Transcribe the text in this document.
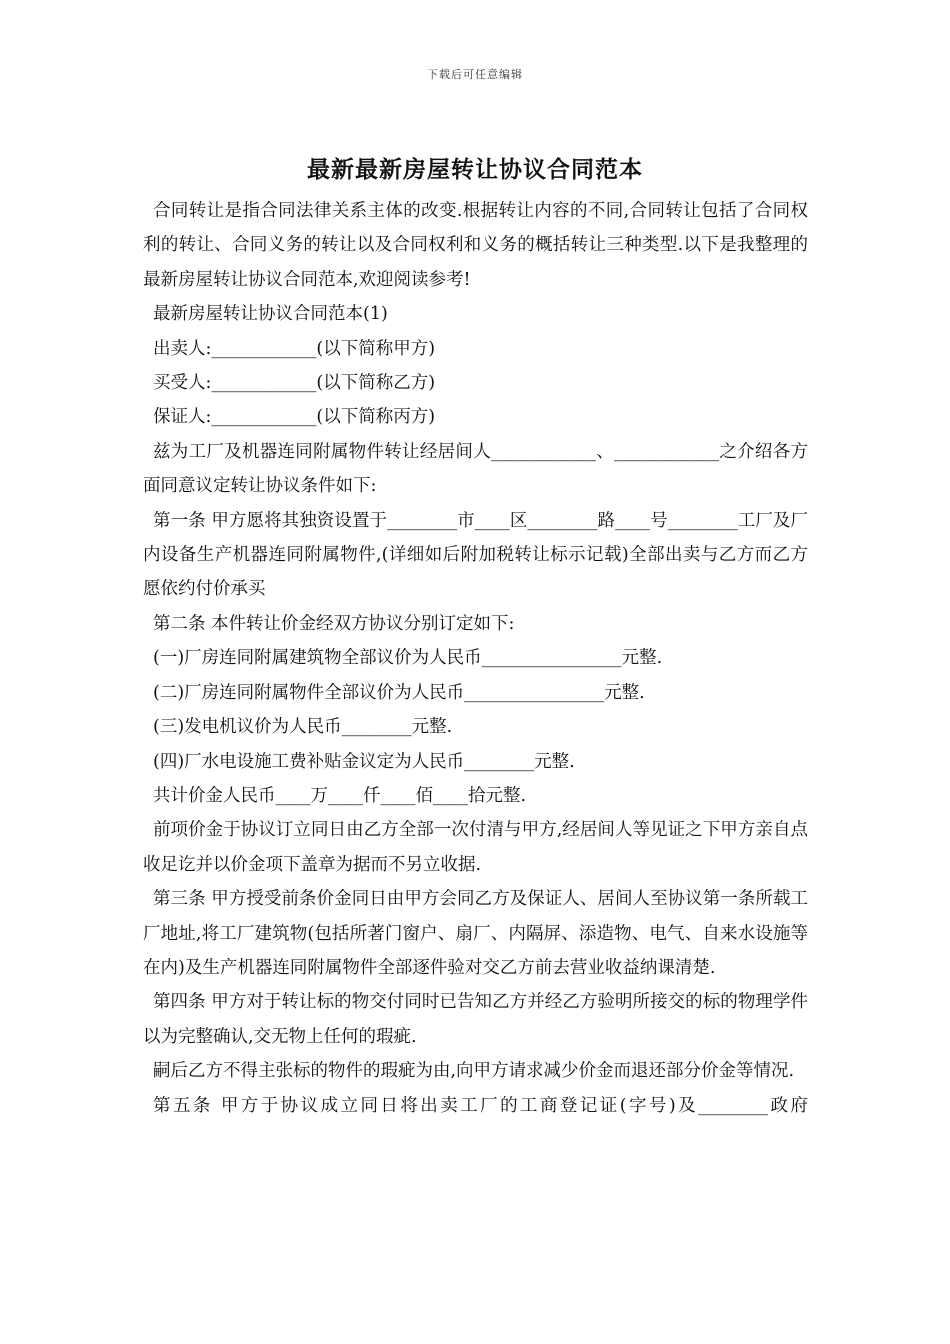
下载后可任意编辑
最新最新房屋转让协议合同范本

合同转让是指合同法律关系主体的改变.根据转让内容的不同,合同转让包括了合同权利的转让、合同义务的转让以及合同权利和义务的概括转让三种类型.以下是我整理的最新房屋转让协议合同范本,欢迎阅读参考!

最新房屋转让协议合同范本(1)

出卖人:____________(以下简称甲方)

买受人:____________(以下简称乙方)

保证人:____________(以下简称丙方)

兹为工厂及机器连同附属物件转让经居间人____________、____________之介绍各方面同意议定转让协议条件如下:

第一条 甲方愿将其独资设置于________市____区________路____号________工厂及厂内设备生产机器连同附属物件,(详细如后附加税转让标示记载)全部出卖与乙方而乙方愿依约付价承买

第二条 本件转让价金经双方协议分别订定如下:

(一)厂房连同附属建筑物全部议价为人民币________________元整.

(二)厂房连同附属物件全部议价为人民币________________元整.

(三)发电机议价为人民币________元整.

(四)厂水电设施工费补贴金议定为人民币________元整.

共计价金人民币____万____仟____佰____拾元整.

前项价金于协议订立同日由乙方全部一次付清与甲方,经居间人等见证之下甲方亲自点收足讫并以价金项下盖章为据而不另立收据.

第三条 甲方授受前条价金同日由甲方会同乙方及保证人、居间人至协议第一条所载工厂地址,将工厂建筑物(包括所著门窗户、扇厂、内隔屏、添造物、电气、自来水设施等在内)及生产机器连同附属物件全部逐件验对交乙方前去营业收益纳课清楚.

第四条 甲方对于转让标的物交付同时已告知乙方并经乙方验明所接交的标的物理学件以为完整确认,交无物上任何的瑕疵.

嗣后乙方不得主张标的物件的瑕疵为由,向甲方请求减少价金而退还部分价金等情况.

第五条 甲方于协议成立同日将出卖工厂的工商登记证(字号)及________政府
